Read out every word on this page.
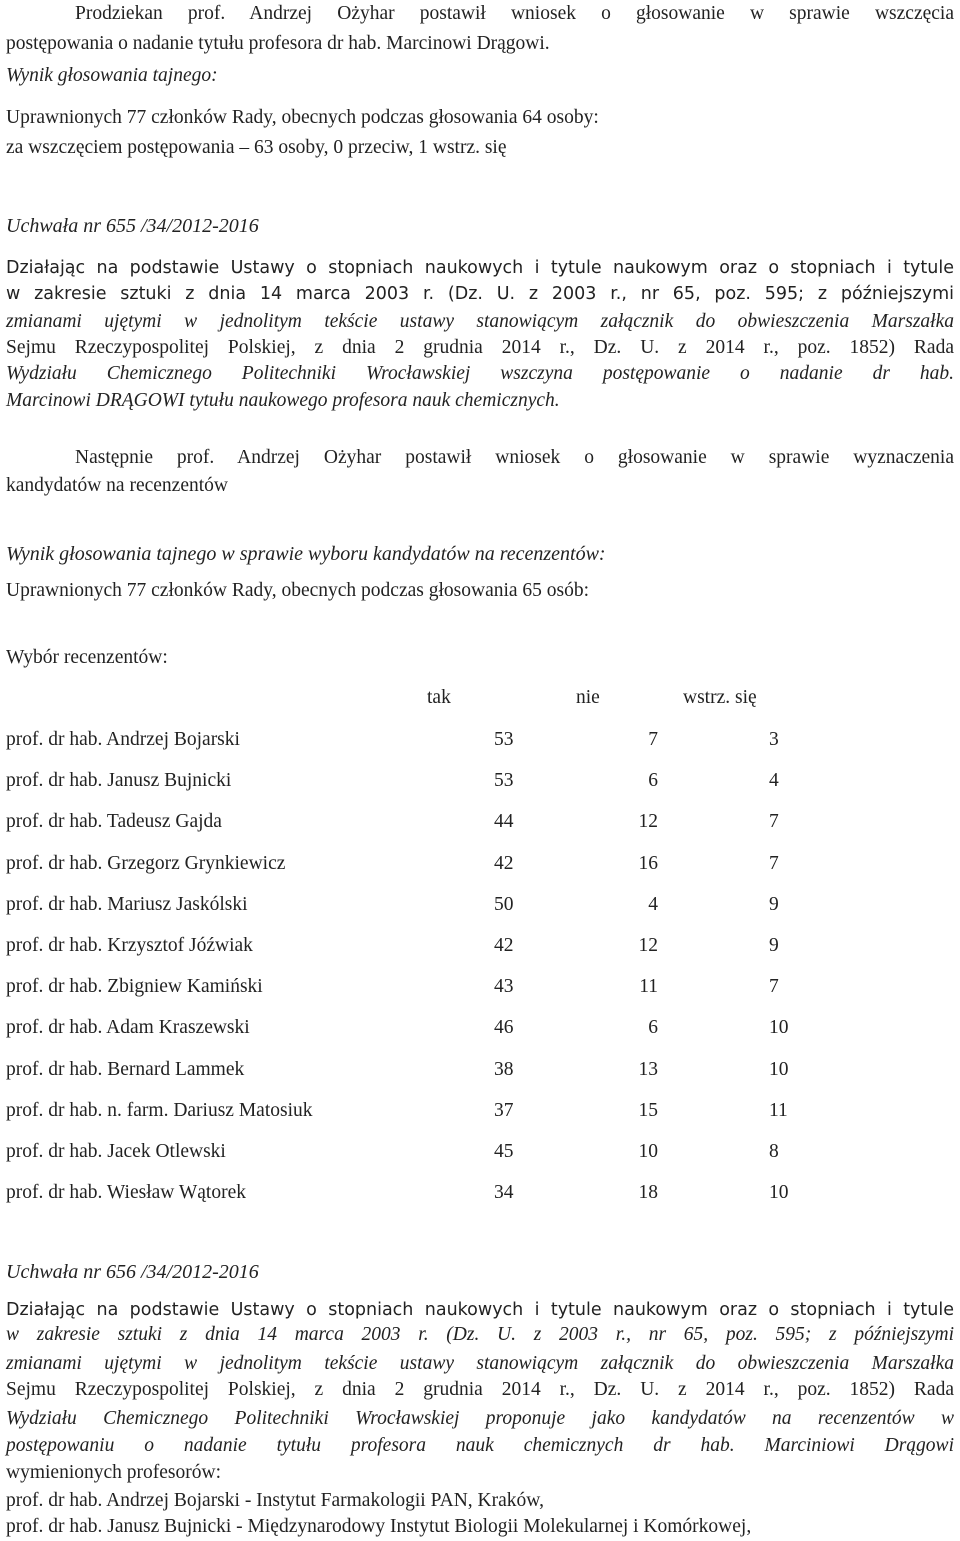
Prodziekan prof. Andrzej Ożyhar postawił wniosek o głosowanie w sprawie wszczęcia
postępowania o nadanie tytułu profesora dr hab. Marcinowi Drągowi.
Wynik głosowania tajnego:
Uprawnionych 77 członków Rady, obecnych podczas głosowania 64 osoby:
za wszczęciem postępowania – 63 osoby, 0 przeciw, 1 wstrz. się
Uchwała nr 655 /34/2012-2016
Działając na podstawie Ustawy o stopniach naukowych i tytule naukowym oraz o stopniach i tytule
w zakresie sztuki z dnia 14 marca 2003 r. (Dz. U. z 2003 r., nr 65, poz. 595; z późniejszymi
zmianami ujętymi w jednolitym tekście ustawy stanowiącym załącznik do obwieszczenia Marszałka
Sejmu Rzeczypospolitej Polskiej, z dnia 2 grudnia 2014 r., Dz. U. z 2014 r., poz. 1852) Rada
Wydziału Chemicznego Politechniki Wrocławskiej wszczyna postępowanie o nadanie dr hab.
Marcinowi DRĄGOWI tytułu naukowego profesora nauk chemicznych.
Następnie prof. Andrzej Ożyhar postawił wniosek o głosowanie w sprawie wyznaczenia
kandydatów na recenzentów
Wynik głosowania tajnego w sprawie wyboru kandydatów na recenzentów:
Uprawnionych 77 członków Rady, obecnych podczas głosowania 65 osób:
Wybór recenzentów:
tak	nie	wstrz. się
prof. dr hab. Andrzej Bojarski	53	7	3
prof. dr hab. Janusz Bujnicki	53	6	4
prof. dr hab. Tadeusz Gajda	44	12	7
prof. dr hab. Grzegorz Grynkiewicz	42	16	7
prof. dr hab. Mariusz Jaskólski	50	4	9
prof. dr hab. Krzysztof Jóźwiak	42	12	9
prof. dr hab. Zbigniew Kamiński	43	11	7
prof. dr hab. Adam Kraszewski	46	6	10
prof. dr hab. Bernard Lammek	38	13	10
prof. dr hab. n. farm. Dariusz Matosiuk	37	15	11
prof. dr hab. Jacek Otlewski	45	10	8
prof. dr hab. Wiesław Wątorek	34	18	10
Uchwała nr 656 /34/2012-2016
Działając na podstawie Ustawy o stopniach naukowych i tytule naukowym oraz o stopniach i tytule
w zakresie sztuki z dnia 14 marca 2003 r. (Dz. U. z 2003 r., nr 65, poz. 595; z późniejszymi
zmianami ujętymi w jednolitym tekście ustawy stanowiącym załącznik do obwieszczenia Marszałka
Sejmu Rzeczypospolitej Polskiej, z dnia 2 grudnia 2014 r., Dz. U. z 2014 r., poz. 1852) Rada
Wydziału Chemicznego Politechniki Wrocławskiej proponuje jako kandydatów na recenzentów w
postępowaniu o nadanie tytułu profesora nauk chemicznych dr hab. Marciniowi Drągowi
wymienionych profesorów:
prof. dr hab. Andrzej Bojarski - Instytut Farmakologii PAN, Kraków,
prof. dr hab. Janusz Bujnicki - Międzynarodowy Instytut Biologii Molekularnej i Komórkowej,
